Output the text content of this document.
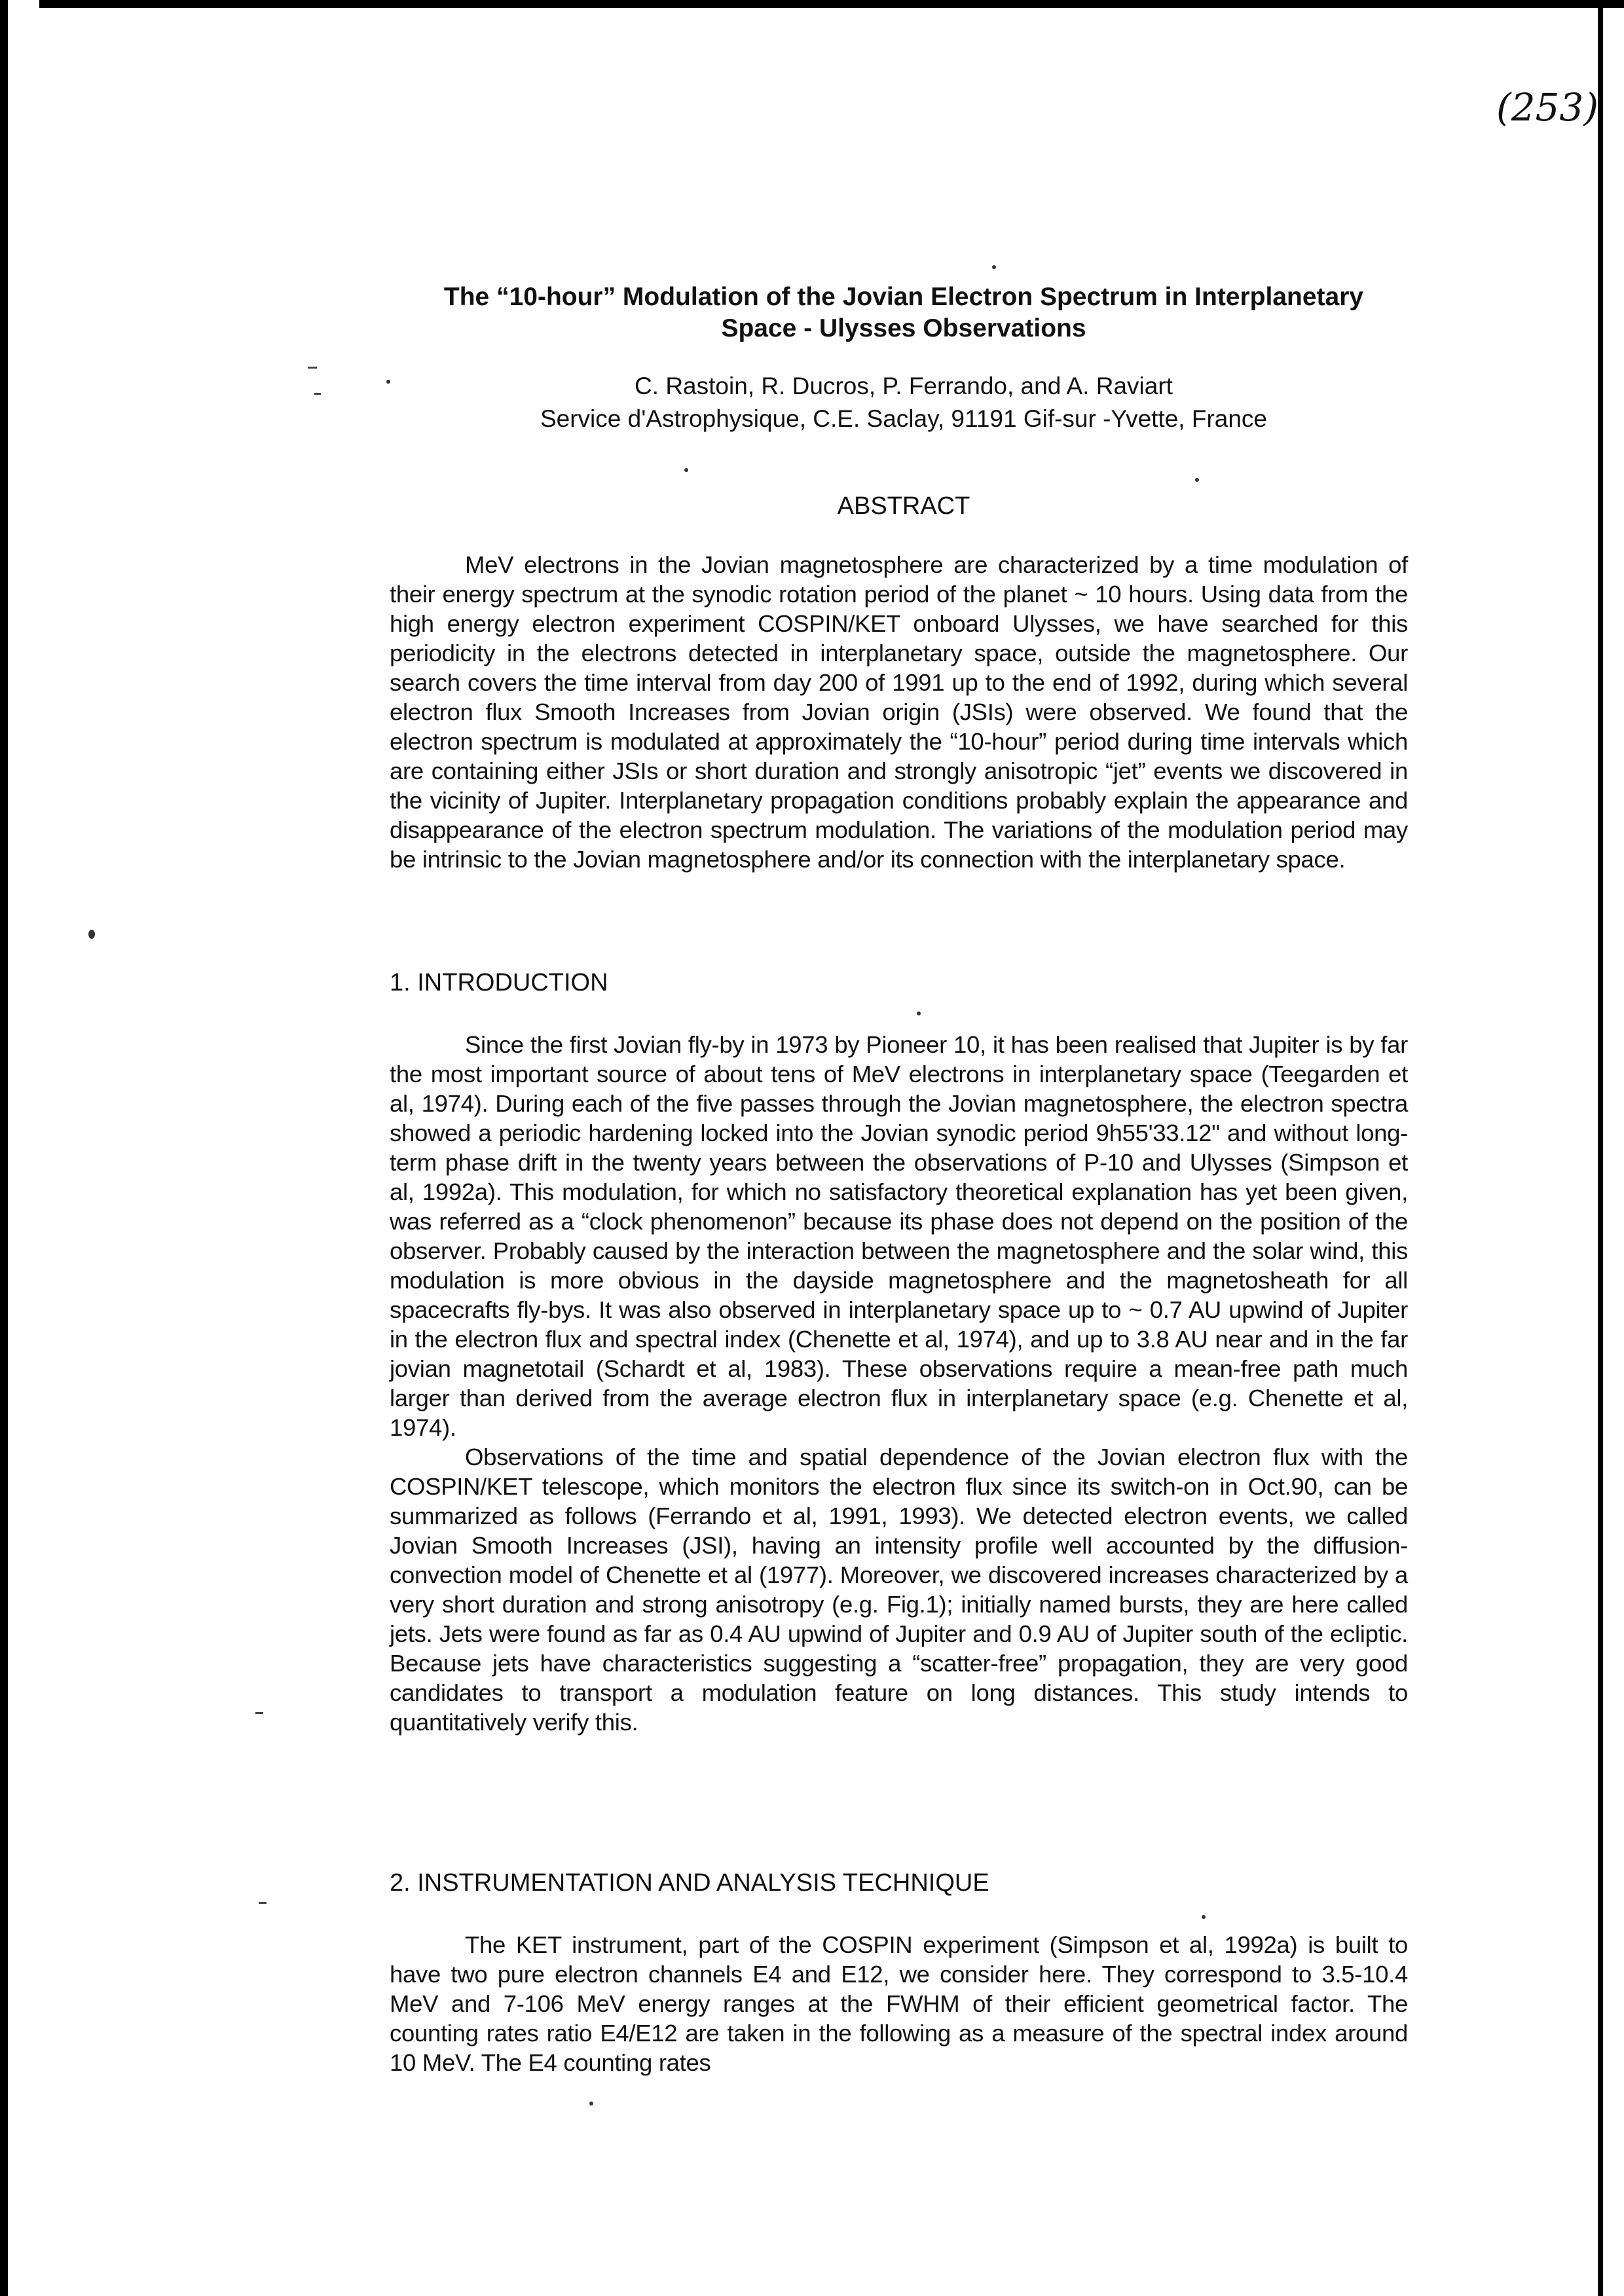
(253)
The “10-hour” Modulation of the Jovian Electron Spectrum in Interplanetary
Space - Ulysses Observations
C. Rastoin, R. Ducros, P. Ferrando, and A. Raviart
Service d'Astrophysique, C.E. Saclay, 91191 Gif-sur -Yvette, France
ABSTRACT

MeV electrons in the Jovian magnetosphere are characterized by a time modulation of their energy spectrum at the synodic rotation period of the planet ~ 10 hours. Using data from the high energy electron experiment COSPIN/KET onboard Ulysses, we have searched for this periodicity in the electrons detected in interplanetary space, outside the magnetosphere. Our search covers the time interval from day 200 of 1991 up to the end of 1992, during which several electron flux Smooth Increases from Jovian origin (JSIs) were observed. We found that the electron spectrum is modulated at approximately the “10-hour” period during time intervals which are containing either JSIs or short duration and strongly anisotropic “jet” events we discovered in the vicinity of Jupiter. Interplanetary propagation conditions probably explain the appearance and disappearance of the electron spectrum modulation. The variations of the modulation period may be intrinsic to the Jovian magnetosphere and/or its connection with the interplanetary space.

1. INTRODUCTION

Since the first Jovian fly-by in 1973 by Pioneer 10, it has been realised that Jupiter is by far the most important source of about tens of MeV electrons in interplanetary space (Teegarden et al, 1974). During each of the five passes through the Jovian magnetosphere, the electron spectra showed a periodic hardening locked into the Jovian synodic period 9h55'33.12" and without long-term phase drift in the twenty years between the observations of P-10 and Ulysses (Simpson et al, 1992a). This modulation, for which no satisfactory theoretical explanation has yet been given, was referred as a “clock phenomenon” because its phase does not depend on the position of the observer. Probably caused by the interaction between the magnetosphere and the solar wind, this modulation is more obvious in the dayside magnetosphere and the magnetosheath for all spacecrafts fly-bys. It was also observed in interplanetary space up to ~ 0.7 AU upwind of Jupiter in the electron flux and spectral index (Chenette et al, 1974), and up to 3.8 AU near and in the far jovian magnetotail (Schardt et al, 1983). These observations require a mean-free path much larger than derived from the average electron flux in interplanetary space (e.g. Chenette et al, 1974).

Observations of the time and spatial dependence of the Jovian electron flux with the COSPIN/KET telescope, which monitors the electron flux since its switch-on in Oct.90, can be summarized as follows (Ferrando et al, 1991, 1993). We detected electron events, we called Jovian Smooth Increases (JSI), having an intensity profile well accounted by the diffusion-convection model of Chenette et al (1977). Moreover, we discovered increases characterized by a very short duration and strong anisotropy (e.g. Fig.1); initially named bursts, they are here called jets. Jets were found as far as 0.4 AU upwind of Jupiter and 0.9 AU of Jupiter south of the ecliptic. Because jets have characteristics suggesting a “scatter-free” propagation, they are very good candidates to transport a modulation feature on long distances. This study intends to quantitatively verify this.

2. INSTRUMENTATION AND ANALYSIS TECHNIQUE

The KET instrument, part of the COSPIN experiment (Simpson et al, 1992a) is built to have two pure electron channels E4 and E12, we consider here. They correspond to 3.5-10.4 MeV and 7-106 MeV energy ranges at the FWHM of their efficient geometrical factor. The counting rates ratio E4/E12 are taken in the following as a measure of the spectral index around 10 MeV. The E4 counting rates
